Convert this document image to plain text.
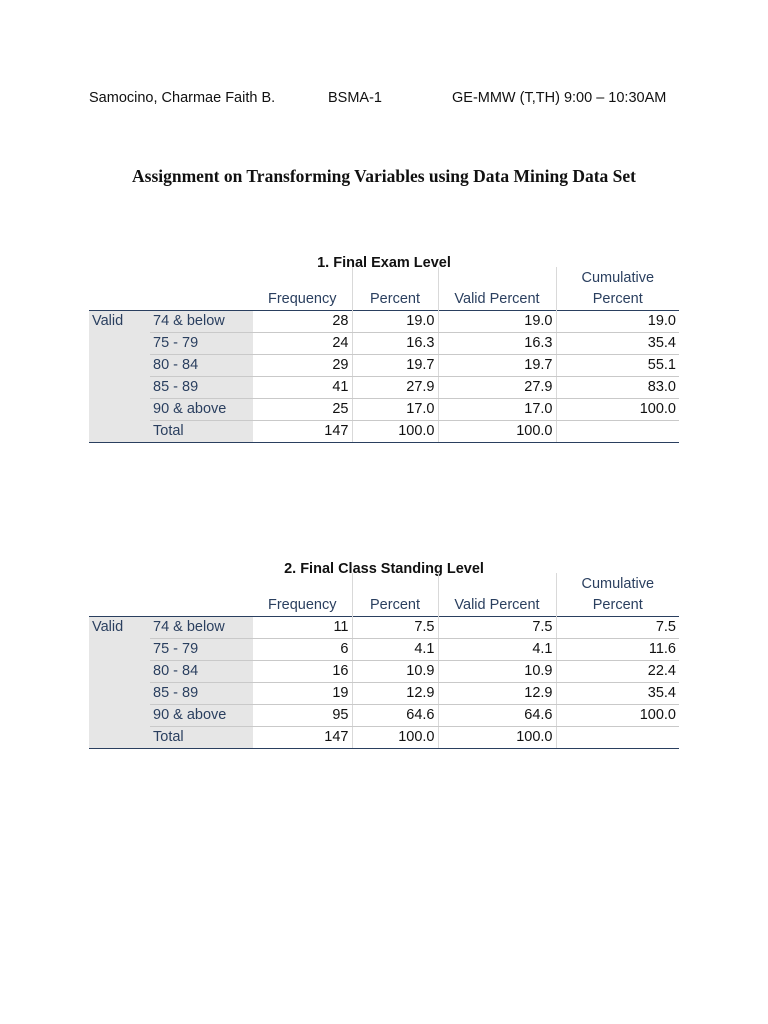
Samocino, Charmae Faith B.	BSMA-1	GE-MMW (T,TH) 9:00 – 10:30AM
Assignment on Transforming Variables using Data Mining Data Set
1. Final Exam Level
					Cumulative
		Frequency	Percent	Valid Percent	Percent
Valid	74 & below	28	19.0	19.0	19.0
	75 - 79	24	16.3	16.3	35.4
	80 - 84	29	19.7	19.7	55.1
	85 - 89	41	27.9	27.9	83.0
	90 & above	25	17.0	17.0	100.0
	Total	147	100.0	100.0	
2. Final Class Standing Level
					Cumulative
		Frequency	Percent	Valid Percent	Percent
Valid	74 & below	11	7.5	7.5	7.5
	75 - 79	6	4.1	4.1	11.6
	80 - 84	16	10.9	10.9	22.4
	85 - 89	19	12.9	12.9	35.4
	90 & above	95	64.6	64.6	100.0
	Total	147	100.0	100.0	
